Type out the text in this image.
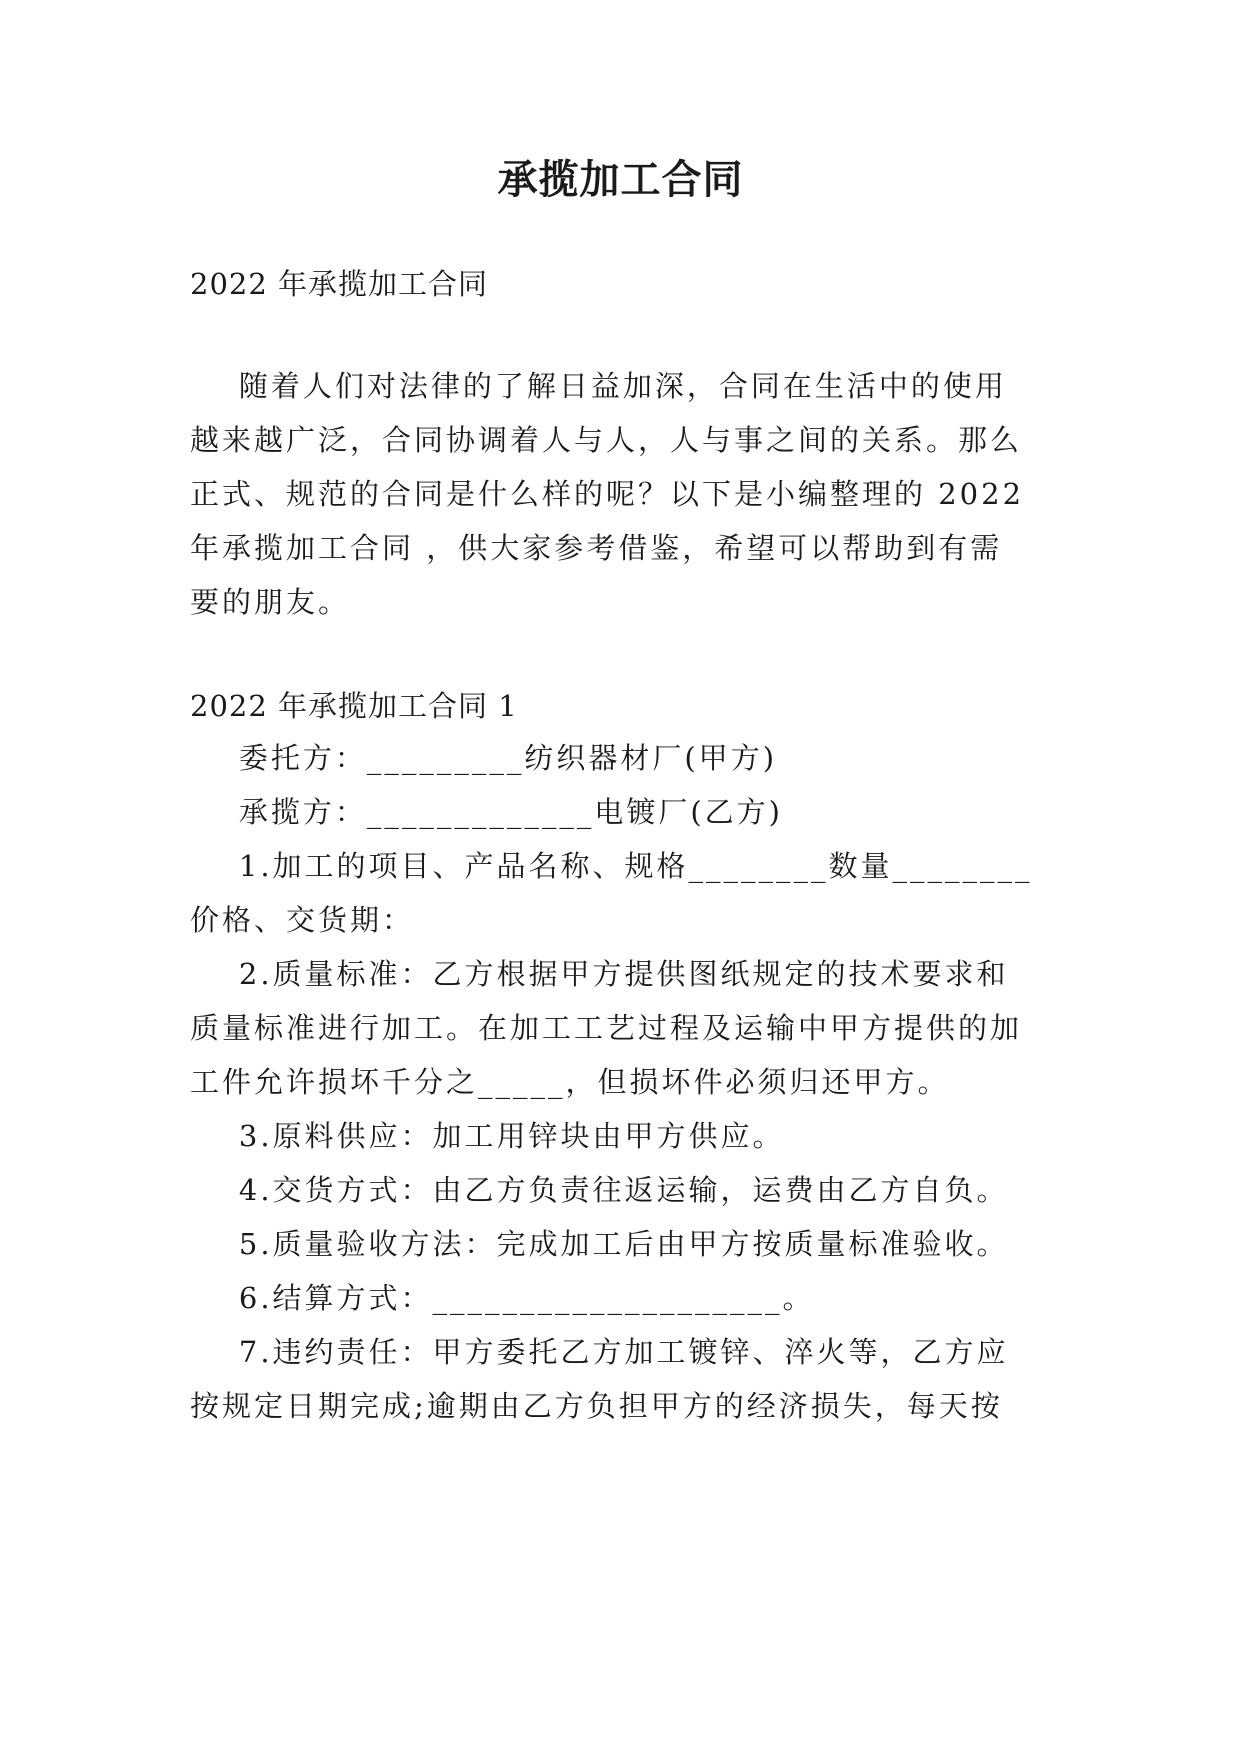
承揽加工合同
2022 年承揽加工合同
随着人们对法律的了解日益加深，合同在生活中的使用
越来越广泛，合同协调着人与人，人与事之间的关系。那么
正式、规范的合同是什么样的呢？以下是小编整理的 2022
年承揽加工合同 ，供大家参考借鉴，希望可以帮助到有需
要的朋友。
2022 年承揽加工合同 1
委托方：_________纺织器材厂(甲方)
承揽方：_____________电镀厂(乙方)
1.加工的项目、产品名称、规格________数量________
价格、交货期：
2.质量标准：乙方根据甲方提供图纸规定的技术要求和
质量标准进行加工。在加工工艺过程及运输中甲方提供的加
工件允许损坏千分之_____，但损坏件必须归还甲方。
3.原料供应：加工用锌块由甲方供应。
4.交货方式：由乙方负责往返运输，运费由乙方自负。
5.质量验收方法：完成加工后由甲方按质量标准验收。
6.结算方式：____________________。
7.违约责任：甲方委托乙方加工镀锌、淬火等，乙方应
按规定日期完成;逾期由乙方负担甲方的经济损失，每天按
